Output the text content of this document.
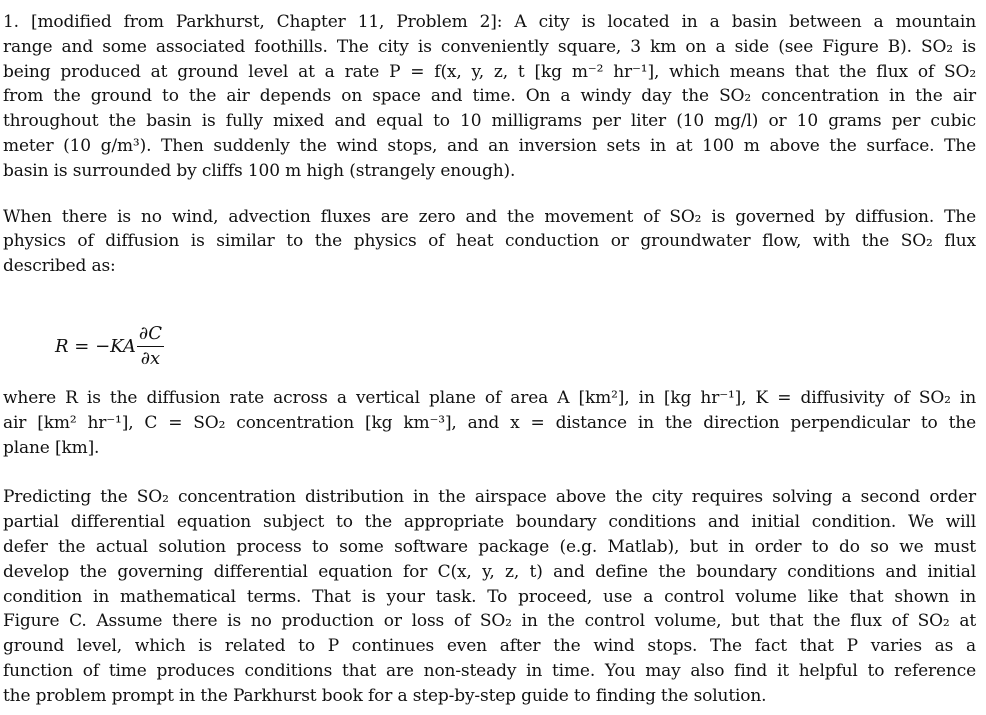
1. [modified from Parkhurst, Chapter 11, Problem 2]: A city is located in a basin between a mountain
range and some associated foothills. The city is conveniently square, 3 km on a side (see Figure B). SO₂ is
being produced at ground level at a rate P = f(x, y, z, t [kg m⁻² hr⁻¹], which means that the flux of SO₂
from the ground to the air depends on space and time. On a windy day the SO₂ concentration in the air
throughout the basin is fully mixed and equal to 10 milligrams per liter (10 mg/l) or 10 grams per cubic
meter (10 g/m³). Then suddenly the wind stops, and an inversion sets in at 100 m above the surface. The
basin is surrounded by cliffs 100 m high (strangely enough).

When there is no wind, advection fluxes are zero and the movement of SO₂ is governed by diffusion. The
physics of diffusion is similar to the physics of heat conduction or groundwater flow, with the SO₂ flux
described as:

$R = -KA \frac{\partial C}{\partial x}$

where R is the diffusion rate across a vertical plane of area A [km²], in [kg hr⁻¹], K = diffusivity of SO₂ in
air [km² hr⁻¹], C = SO₂ concentration [kg km⁻³], and x = distance in the direction perpendicular to the
plane [km].

Predicting the SO₂ concentration distribution in the airspace above the city requires solving a second order
partial differential equation subject to the appropriate boundary conditions and initial condition. We will
defer the actual solution process to some software package (e.g. Matlab), but in order to do so we must
develop the governing differential equation for C(x, y, z, t) and define the boundary conditions and initial
condition in mathematical terms. That is your task. To proceed, use a control volume like that shown in
Figure C. Assume there is no production or loss of SO₂ in the control volume, but that the flux of SO₂ at
ground level, which is related to P continues even after the wind stops. The fact that P varies as a
function of time produces conditions that are non-steady in time. You may also find it helpful to reference
the problem prompt in the Parkhurst book for a step-by-step guide to finding the solution.
